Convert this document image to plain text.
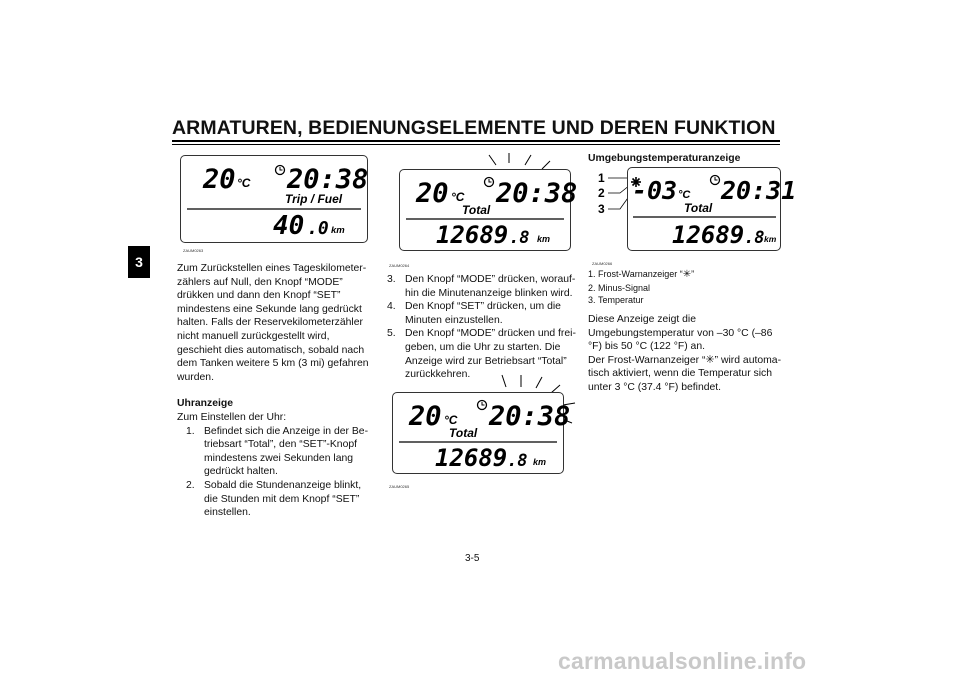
ARMATUREN, BEDIENUNGSELEMENTE UND DEREN FUNKTION
3
20 °C 20:38
Trip / Fuel
40 .0 km
ZAUM0263
Zum Zurückstellen eines Tageskilometerzählers auf Null, den Knopf “MODE” drükken und dann den Knopf “SET” mindestens eine Sekunde lang gedrückt halten. Falls der Reservekilometerzähler nicht manuell zurückgestellt wird, geschieht dies automatisch, sobald nach dem Tanken weitere 5 km (3 mi) gefahren wurden.
Uhranzeige
Zum Einstellen der Uhr:
1. Befindet sich die Anzeige in der Betriebsart “Total”, den “SET”-Knopf mindestens zwei Sekunden lang gedrückt halten.
2. Sobald die Stundenanzeige blinkt, die Stunden mit dem Knopf “SET” einstellen.
20 °C 20:38
Total
12689 .8 km
ZAUM0264
3. Den Knopf “MODE” drücken, woraufhin die Minutenanzeige blinken wird.
4. Den Knopf “SET” drücken, um die Minuten einzustellen.
5. Den Knopf “MODE” drücken und freigeben, um die Uhr zu starten. Die Anzeige wird zur Betriebsart “Total” zurückkehren.
20 °C 20:38
Total
12689 .8 km
ZAUM0265
Umgebungstemperaturanzeige
1
2
3
-03 °C 20:31
Total
12689 .8 km
ZAUM0266
1. Frost-Warnanzeiger “✳”
2. Minus-Signal
3. Temperatur
Diese Anzeige zeigt die Umgebungstemperatur von –30 °C (–86 °F) bis 50 °C (122 °F) an.
Der Frost-Warnanzeiger “✳” wird automatisch aktiviert, wenn die Temperatur sich unter 3 °C (37.4 °F) befindet.
3-5
carmanualsonline.info
